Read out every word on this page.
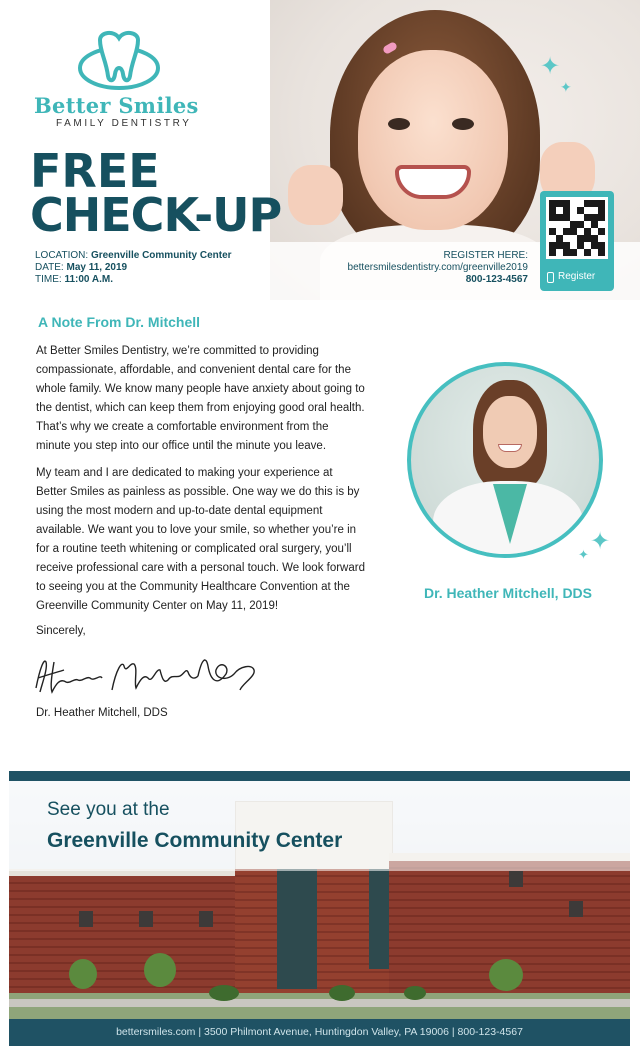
✦
✦
Better Smiles
FAMILY DENTISTRY
FREE
CHECK-UP
LOCATION: Greenville Community Center
DATE: May 11, 2019
TIME: 11:00 A.M.
REGISTER HERE:
bettersmilesdentistry.com/greenville2019
800-123-4567	Register
A Note From Dr. Mitchell

At Better Smiles Dentistry, we’re committed to providing compassionate, affordable, and convenient dental care for the whole family. We know many people have anxiety about going to the dentist, which can keep them from enjoying good oral health. That’s why we create a comfortable environment from the minute you step into our office until the minute you leave.

My team and I are dedicated to making your experience at Better Smiles as painless as possible. One way we do this is by using the most modern and up-to-date dental equipment available. We want you to love your smile, so whether you’re in for a routine teeth whitening or complicated oral surgery, you’ll receive professional care with a personal touch. We look forward to seeing you at the Community Healthcare Convention at the Greenville Community Center on May 11, 2019!

Sincerely,
Dr. Heather Mitchell, DDS
✦
✦
Dr. Heather Mitchell, DDS
See you at the
Greenville Community Center
bettersmiles.com | 3500 Philmont Avenue, Huntingdon Valley, PA 19006 | 800-123-4567
